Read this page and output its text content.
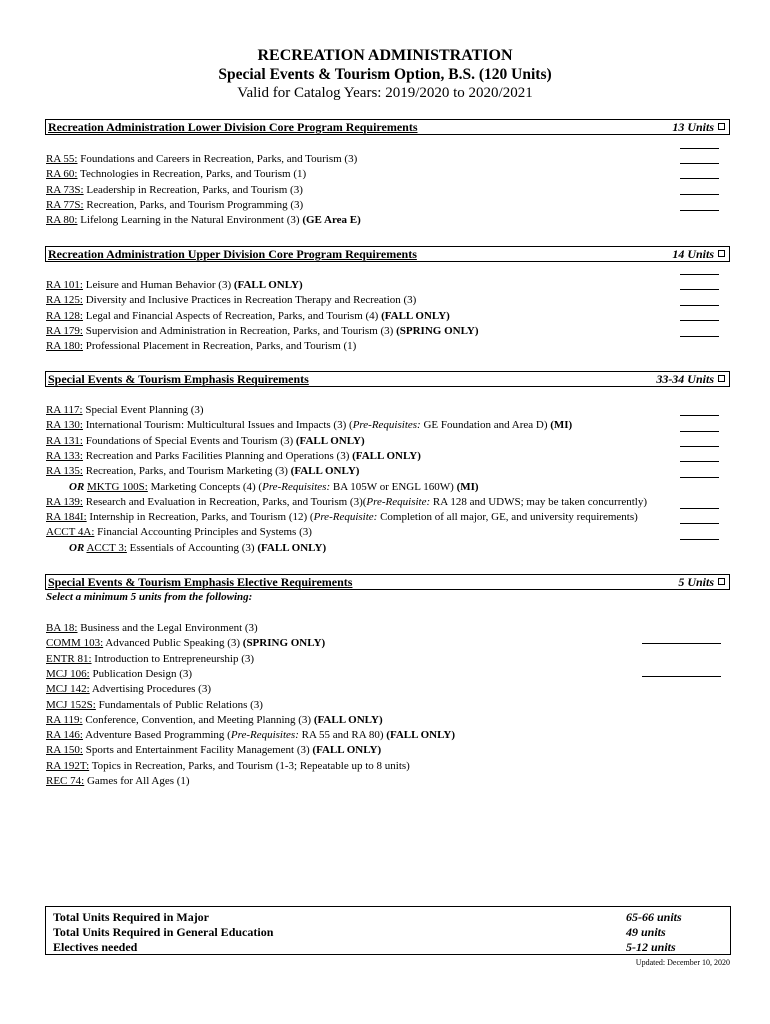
RECREATION ADMINISTRATION
Special Events & Tourism Option, B.S. (120 Units)
Valid for Catalog Years: 2019/2020 to 2020/2021
Recreation Administration Lower Division Core Program Requirements	13 Units
RA 55: Foundations and Careers in Recreation, Parks, and Tourism (3)
RA 60: Technologies in Recreation, Parks, and Tourism (1)
RA 73S: Leadership in Recreation, Parks, and Tourism (3)
RA 77S: Recreation, Parks, and Tourism Programming (3)
RA 80: Lifelong Learning in the Natural Environment (3) (GE Area E)
Recreation Administration Upper Division Core Program Requirements	14 Units
RA 101: Leisure and Human Behavior (3) (FALL ONLY)
RA 125: Diversity and Inclusive Practices in Recreation Therapy and Recreation (3)
RA 128: Legal and Financial Aspects of Recreation, Parks, and Tourism (4) (FALL ONLY)
RA 179: Supervision and Administration in Recreation, Parks, and Tourism (3) (SPRING ONLY)
RA 180: Professional Placement in Recreation, Parks, and Tourism (1)
Special Events & Tourism Emphasis Requirements	33-34 Units
RA 117: Special Event Planning (3)
RA 130: International Tourism: Multicultural Issues and Impacts (3) (Pre-Requisites: GE Foundation and Area D) (MI)
RA 131: Foundations of Special Events and Tourism (3) (FALL ONLY)
RA 133: Recreation and Parks Facilities Planning and Operations (3) (FALL ONLY)
RA 135: Recreation, Parks, and Tourism Marketing (3) (FALL ONLY)
OR MKTG 100S: Marketing Concepts (4) (Pre-Requisites: BA 105W or ENGL 160W) (MI)
RA 139: Research and Evaluation in Recreation, Parks, and Tourism (3)(Pre-Requisite: RA 128 and UDWS; may be taken concurrently)
RA 184I: Internship in Recreation, Parks, and Tourism (12) (Pre-Requisite: Completion of all major, GE, and university requirements)
ACCT 4A: Financial Accounting Principles and Systems (3)
OR ACCT 3: Essentials of Accounting (3) (FALL ONLY)
Special Events & Tourism Emphasis Elective Requirements	5 Units
Select a minimum 5 units from the following:
BA 18: Business and the Legal Environment (3)
COMM 103: Advanced Public Speaking (3) (SPRING ONLY)
ENTR 81: Introduction to Entrepreneurship (3)
MCJ 106: Publication Design (3)
MCJ 142: Advertising Procedures (3)
MCJ 152S: Fundamentals of Public Relations (3)
RA 119: Conference, Convention, and Meeting Planning (3) (FALL ONLY)
RA 146: Adventure Based Programming (Pre-Requisites: RA 55 and RA 80) (FALL ONLY)
RA 150: Sports and Entertainment Facility Management (3) (FALL ONLY)
RA 192T: Topics in Recreation, Parks, and Tourism (1-3; Repeatable up to 8 units)
REC 74: Games for All Ages (1)
Total Units Required in Major	65-66 units
Total Units Required in General Education	49 units
Electives needed	5-12 units
Updated: December 10, 2020
